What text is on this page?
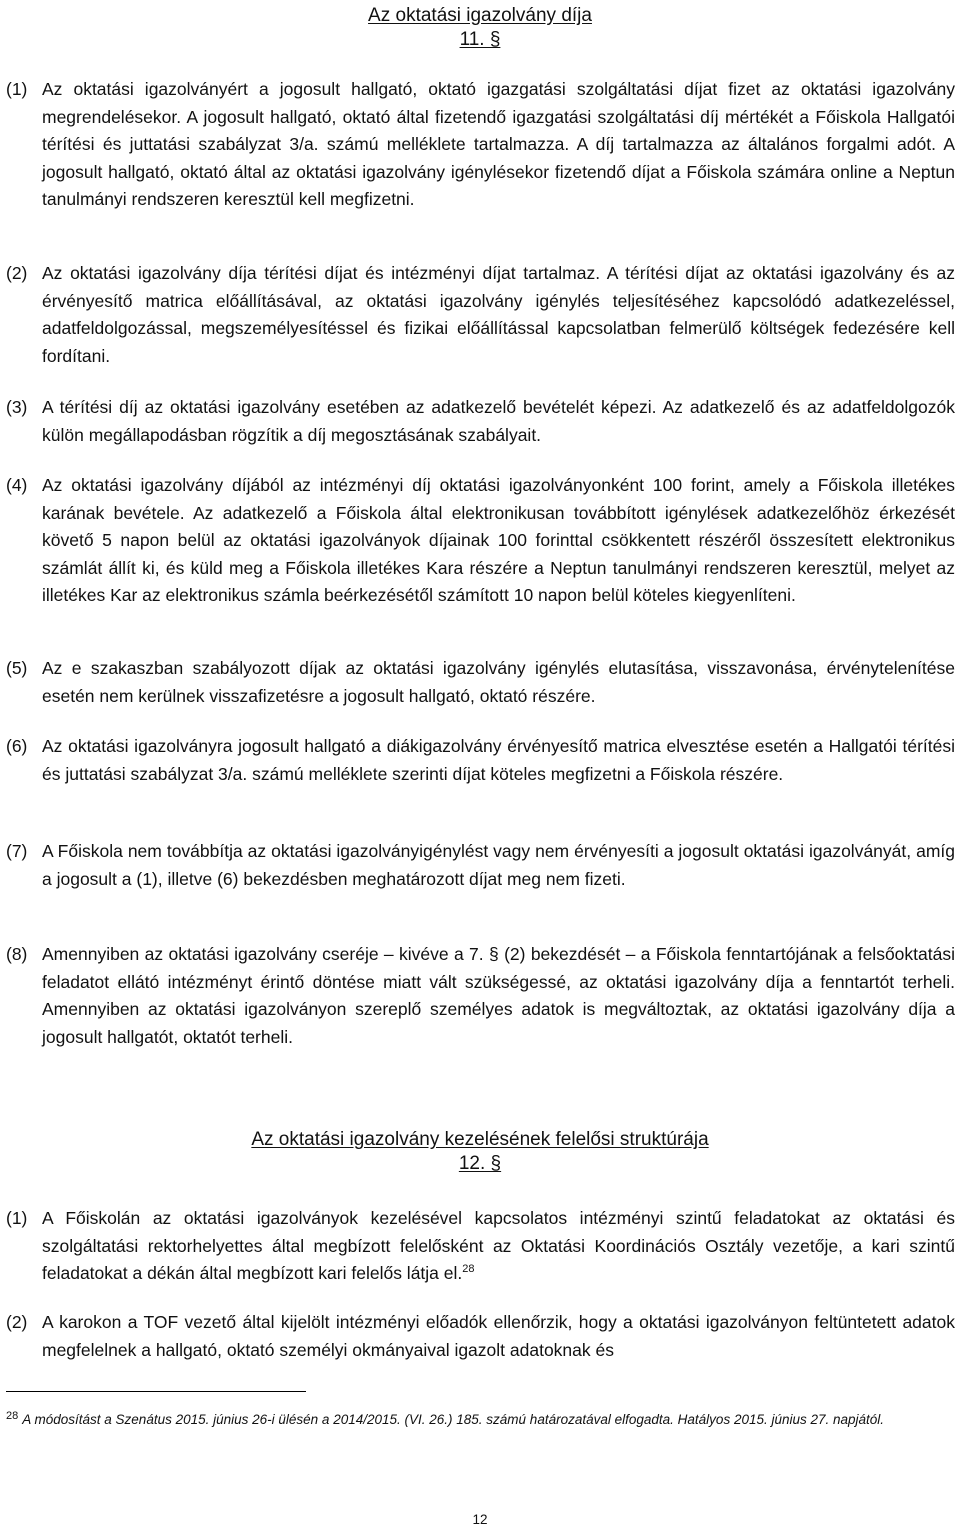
Az oktatási igazolvány díja
11. §
(1) Az oktatási igazolványért a jogosult hallgató, oktató igazgatási szolgáltatási díjat fizet az oktatási igazolvány megrendelésekor. A jogosult hallgató, oktató által fizetendő igazgatási szolgáltatási díj mértékét a Főiskola Hallgatói térítési és juttatási szabályzat 3/a. számú melléklete tartalmazza. A díj tartalmazza az általános forgalmi adót. A jogosult hallgató, oktató által az oktatási igazolvány igénylésekor fizetendő díjat a Főiskola számára online a Neptun tanulmányi rendszeren keresztül kell megfizetni.
(2) Az oktatási igazolvány díja térítési díjat és intézményi díjat tartalmaz. A térítési díjat az oktatási igazolvány és az érvényesítő matrica előállításával, az oktatási igazolvány igénylés teljesítéséhez kapcsolódó adatkezeléssel, adatfeldolgozással, megszemélyesítéssel és fizikai előállítással kapcsolatban felmerülő költségek fedezésére kell fordítani.
(3) A térítési díj az oktatási igazolvány esetében az adatkezelő bevételét képezi. Az adatkezelő és az adatfeldolgozók külön megállapodásban rögzítik a díj megosztásának szabályait.
(4) Az oktatási igazolvány díjából az intézményi díj oktatási igazolványonként 100 forint, amely a Főiskola illetékes karának bevétele. Az adatkezelő a Főiskola által elektronikusan továbbított igénylések adatkezelőhöz érkezését követő 5 napon belül az oktatási igazolványok díjainak 100 forinttal csökkentett részéről összesített elektronikus számlát állít ki, és küld meg a Főiskola illetékes Kara részére a Neptun tanulmányi rendszeren keresztül, melyet az illetékes Kar az elektronikus számla beérkezésétől számított 10 napon belül köteles kiegyenlíteni.
(5) Az e szakaszban szabályozott díjak az oktatási igazolvány igénylés elutasítása, visszavonása, érvénytelenítése esetén nem kerülnek visszafizetésre a jogosult hallgató, oktató részére.
(6) Az oktatási igazolványra jogosult hallgató a diákigazolvány érvényesítő matrica elvesztése esetén a Hallgatói térítési és juttatási szabályzat 3/a. számú melléklete szerinti díjat köteles megfizetni a Főiskola részére.
(7) A Főiskola nem továbbítja az oktatási igazolványigénylést vagy nem érvényesíti a jogosult oktatási igazolványát, amíg a jogosult a (1), illetve (6) bekezdésben meghatározott díjat meg nem fizeti.
(8) Amennyiben az oktatási igazolvány cseréje – kivéve a 7. § (2) bekezdését – a Főiskola fenntartójának a felsőoktatási feladatot ellátó intézményt érintő döntése miatt vált szükségessé, az oktatási igazolvány díja a fenntartót terheli. Amennyiben az oktatási igazolványon szereplő személyes adatok is megváltoztak, az oktatási igazolvány díja a jogosult hallgatót, oktatót terheli.
Az oktatási igazolvány kezelésének felelősi struktúrája
12. §
(1) A Főiskolán az oktatási igazolványok kezelésével kapcsolatos intézményi szintű feladatokat az oktatási és szolgáltatási rektorhelyettes által megbízott felelősként az Oktatási Koordinációs Osztály vezetője, a kari szintű feladatokat a dékán által megbízott kari felelős látja el.$^{28}$
(2) A karokon a TOF vezető által kijelölt intézményi előadók ellenőrzik, hogy a oktatási igazolványon feltüntetett adatok megfelelnek a hallgató, oktató személyi okmányaival igazolt adatoknak és
$^{28}$ A módosítást a Szenátus 2015. június 26-i ülésén a 2014/2015. (VI. 26.) 185. számú határozatával elfogadta. Hatályos 2015. június 27. napjától.
12
